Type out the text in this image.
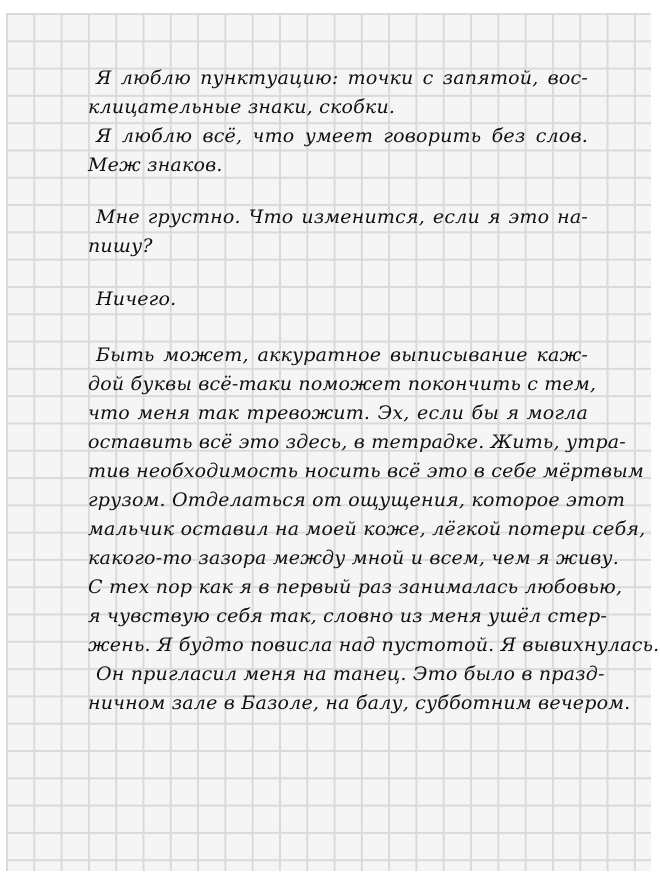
Я люблю пунктуацию: точки с запятой, вос-
клицательные знаки, скобки.
Я люблю всё, что умеет говорить без слов.
Меж знаков.
Мне грустно. Что изменится, если я это на-
пишу?
Ничего.
Быть может, аккуратное выписывание каж-
дой буквы всё-таки поможет покончить с тем,
что меня так тревожит. Эх, если бы я могла
оставить всё это здесь, в тетрадке. Жить, утра-
тив необходимость носить всё это в себе мёртвым
грузом. Отделаться от ощущения, которое этот
мальчик оставил на моей коже, лёгкой потери себя,
какого-то зазора между мной и всем, чем я живу.
С тех пор как я в первый раз занималась любовью,
я чувствую себя так, словно из меня ушёл стер-
жень. Я будто повисла над пустотой. Я вывихнулась.
Он пригласил меня на танец. Это было в празд-
ничном зале в Базоле, на балу, субботним вечером.
